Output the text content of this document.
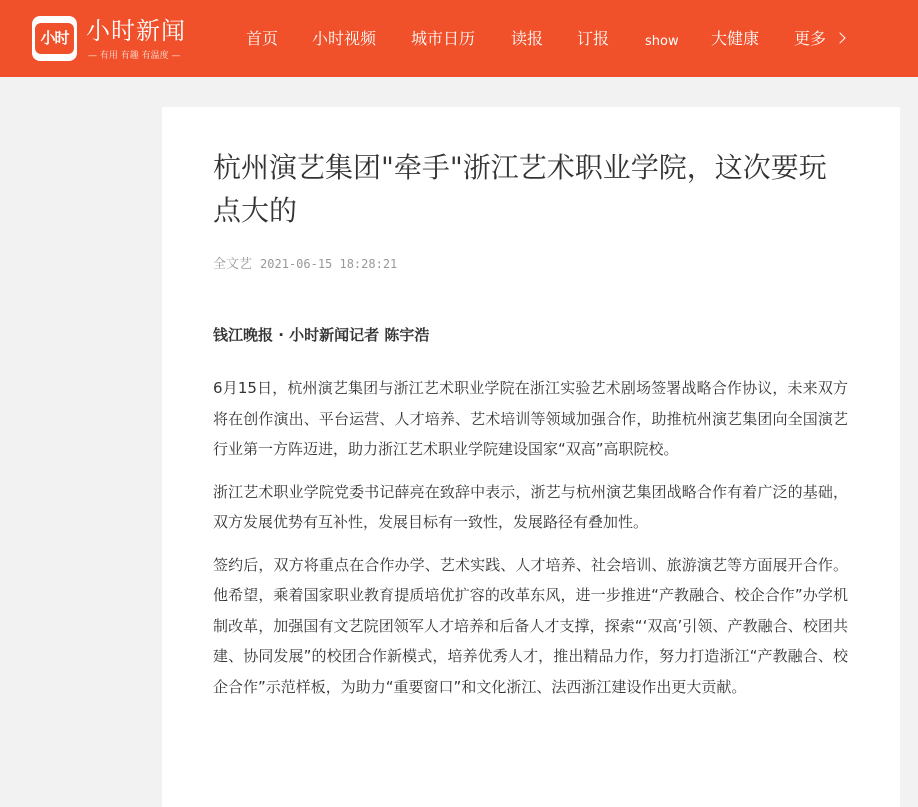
小时 小时新闻
— 有用 有趣 有温度 —
首页 小时视频 城市日历 读报 订报	show 大健康 更多
杭州演艺集团"牵手"浙江艺术职业学院，这次要玩点大的
全文艺 2021-06-15 18:28:21
钱江晚报 · 小时新闻记者 陈宇浩

6月15日，杭州演艺集团与浙江艺术职业学院在浙江实验艺术剧场签署战略合作协议，未来双方将在创作演出、平台运营、人才培养、艺术培训等领域加强合作，助推杭州演艺集团向全国演艺行业第一方阵迈进，助力浙江艺术职业学院建设国家“双高”高职院校。

浙江艺术职业学院党委书记薛亮在致辞中表示，浙艺与杭州演艺集团战略合作有着广泛的基础，双方发展优势有互补性，发展目标有一致性，发展路径有叠加性。

签约后，双方将重点在合作办学、艺术实践、人才培养、社会培训、旅游演艺等方面展开合作。他希望，乘着国家职业教育提质培优扩容的改革东风，进一步推进“产教融合、校企合作”办学机制改革，加强国有文艺院团领军人才培养和后备人才支撑，探索“‘双高’引领、产教融合、校团共建、协同发展”的校团合作新模式，培养优秀人才，推出精品力作，努力打造浙江“产教融合、校企合作”示范样板，为助力“重要窗口”和文化浙江、法西浙江建设作出更大贡献。
